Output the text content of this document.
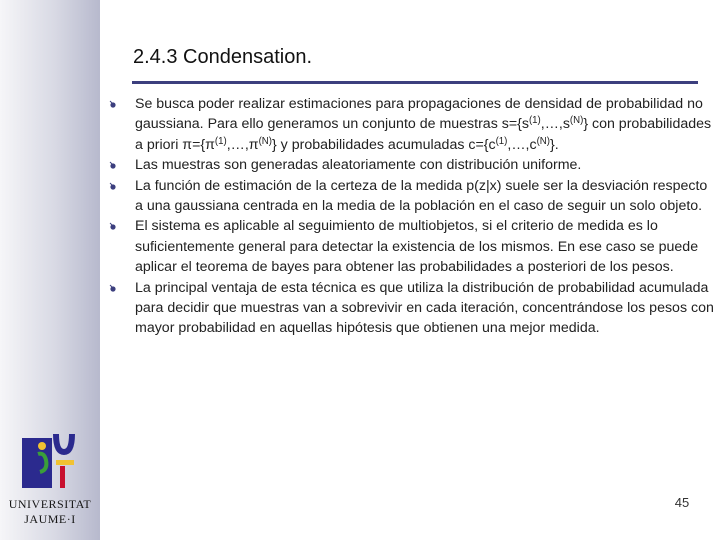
UNIVERSITAT
JAUME·I
2.4.3 Condensation.
Se busca poder realizar estimaciones para propagaciones de densidad de probabilidad no gaussiana. Para ello generamos un conjunto de muestras $s=\{s^{(1)},\dots,s^{(N)}\}$ con probabilidades a priori $\pi=\{\pi^{(1)},\dots,\pi^{(N)}\}$ y probabilidades acumuladas $c=\{c^{(1)},\dots,c^{(N)}\}$.
Las muestras son generadas aleatoriamente con distribución uniforme.
La función de estimación de la certeza de la medida p(z|x) suele ser la desviación respecto a una gaussiana centrada en la media de la población en el caso de seguir un solo objeto.
El sistema es aplicable al seguimiento de multiobjetos, si el criterio de medida es lo suficientemente general para detectar la existencia de los mismos. En ese caso se puede aplicar el teorema de bayes para obtener las probabilidades a posteriori de los pesos.
La principal ventaja de esta técnica es que utiliza la distribución de probabilidad acumulada para decidir que muestras van a sobrevivir en cada iteración, concentrándose los pesos con mayor probabilidad en aquellas hipótesis que obtienen una mejor medida.
45
